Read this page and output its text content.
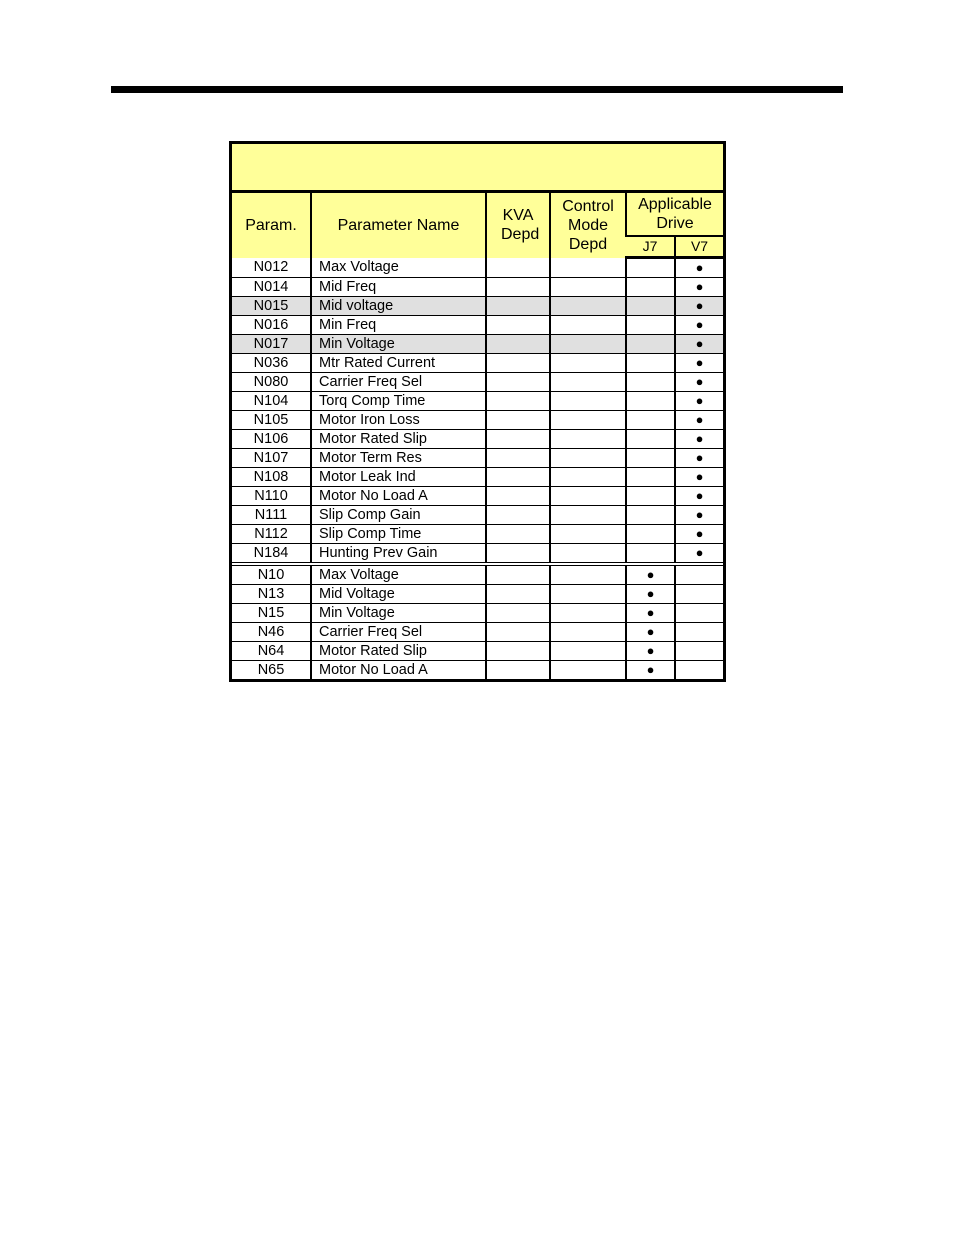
Param.	Parameter Name	KVA Depd	Control Mode Depd	Applicable Drive	
				J7	V7
N012	Max Voltage				●
N014	Mid Freq				●
N015	Mid voltage				●
N016	Min Freq				●
N017	Min Voltage				●
N036	Mtr Rated Current				●
N080	Carrier Freq Sel				●
N104	Torq Comp Time				●
N105	Motor Iron Loss				●
N106	Motor Rated Slip				●
N107	Motor Term Res				●
N108	Motor Leak Ind				●
N110	Motor No Load A				●
N111	Slip Comp Gain				●
N112	Slip Comp Time				●
N184	Hunting Prev Gain				●
N10	Max Voltage			●	
N13	Mid Voltage			●	
N15	Min Voltage			●	
N46	Carrier Freq Sel			●	
N64	Motor Rated Slip			●	
N65	Motor No Load A			●	
